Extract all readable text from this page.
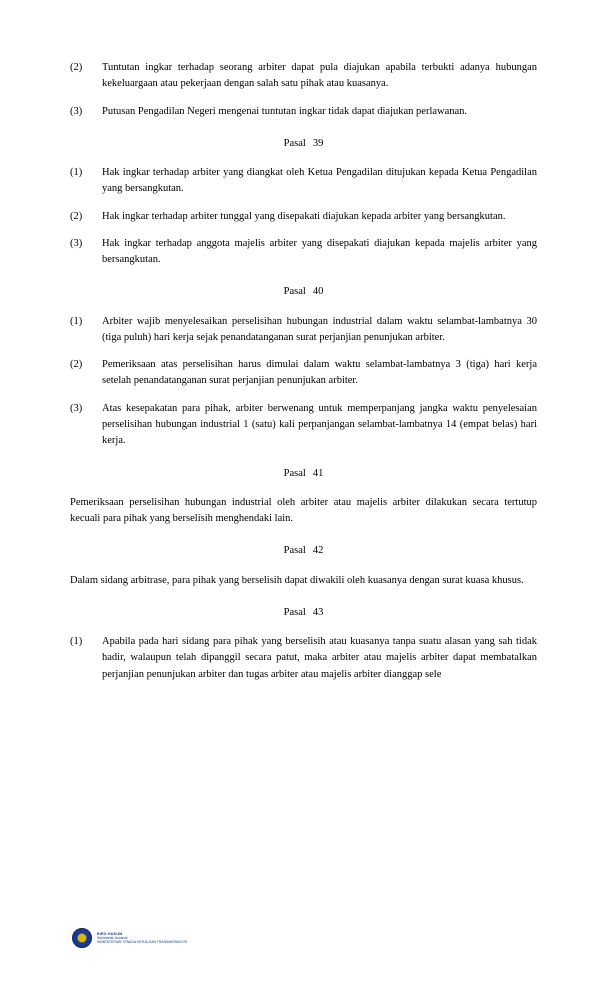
(2)	Tuntutan ingkar terhadap seorang arbiter dapat pula diajukan apabila terbukti adanya hubungan kekeluargaan atau pekerjaan dengan salah satu pihak atau kuasanya.
(3)	Putusan Pengadilan Negeri mengenai tuntutan ingkar tidak dapat diajukan perlawanan.
Pasal 39
(1)	Hak ingkar terhadap arbiter yang diangkat oleh Ketua Pengadilan ditujukan kepada Ketua Pengadilan yang bersangkutan.
(2)	Hak ingkar terhadap arbiter tunggal yang disepakati diajukan kepada arbiter yang bersangkutan.
(3)	Hak ingkar terhadap anggota majelis arbiter yang disepakati diajukan kepada majelis arbiter yang bersangkutan.
Pasal 40
(1)	Arbiter wajib menyelesaikan perselisihan hubungan industrial dalam waktu selambat-lambatnya 30 (tiga puluh) hari kerja sejak penandatanganan surat perjanjian penunjukan arbiter.
(2)	Pemeriksaan atas perselisihan harus dimulai dalam waktu selambat-lambatnya 3 (tiga) hari kerja setelah penandatanganan surat perjanjian penunjukan arbiter.
(3)	Atas kesepakatan para pihak, arbiter berwenang untuk memperpanjang jangka waktu penyelesaian perselisihan hubungan industrial 1 (satu) kali perpanjangan selambat-lambatnya 14 (empat belas) hari kerja.
Pasal 41
Pemeriksaan perselisihan hubungan industrial oleh arbiter atau majelis arbiter dilakukan secara tertutup kecuali para pihak yang berselisih menghendaki lain.
Pasal 42
Dalam sidang arbitrase, para pihak yang berselisih dapat diwakili oleh kuasanya dengan surat kuasa khusus.
Pasal 43
(1)	Apabila pada hari sidang para pihak yang berselisih atau kuasanya tanpa suatu alasan yang sah tidak hadir, walaupun telah dipanggil secara patut, maka arbiter atau majelis arbiter dapat membatalkan perjanjian penunjukan arbiter dan tugas arbiter atau majelis arbiter dianggap sele
BIRO HUKUM
Sekretariat Jenderal
KEMENTERIAN TENAGA KERJA DAN TRANSMIGRASI RI
